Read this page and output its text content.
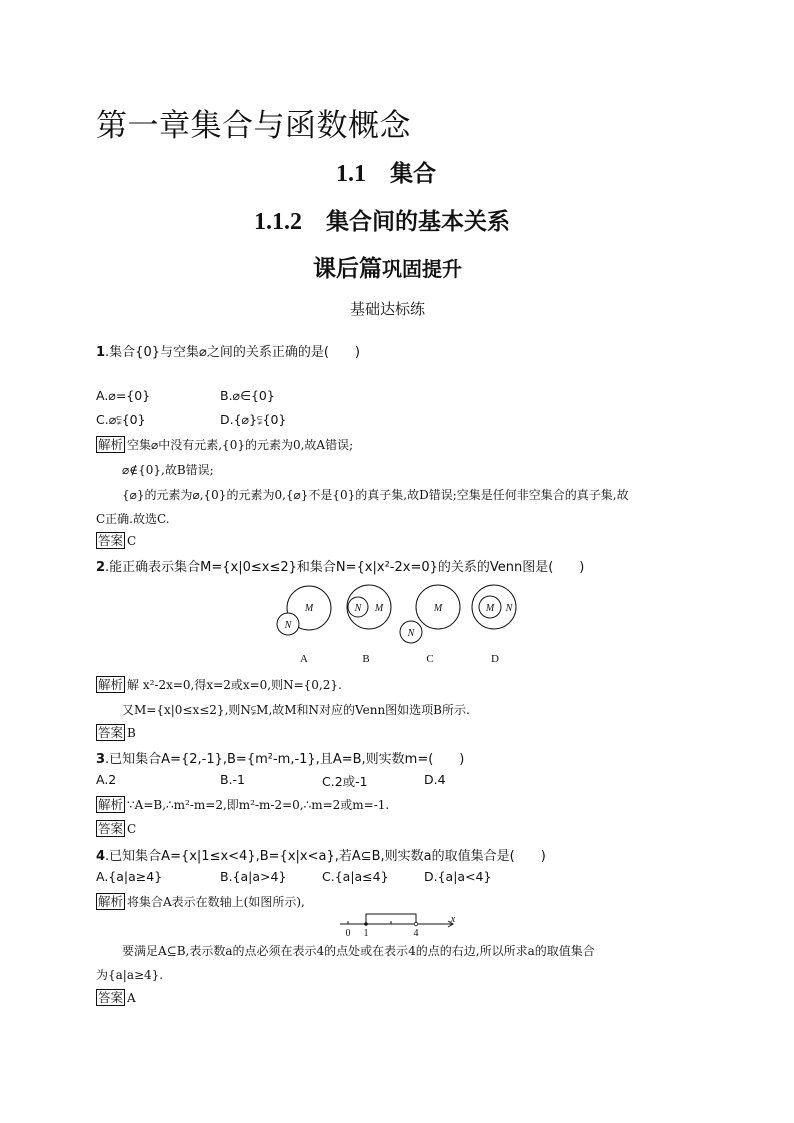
第一章集合与函数概念
1.1 集合
1.1.2 集合间的基本关系
课后篇巩固提升
基础达标练
1.集合{0}与空集⌀之间的关系正确的是(　　)
A.⌀={0}	B.⌀∈{0}
C.⌀⫋{0}	D.{⌀}⫋{0}
解析 空集⌀中没有元素,{0}的元素为0,故A错误;
⌀∉{0},故B错误;
{⌀}的元素为⌀,{0}的元素为0,{⌀}不是{0}的真子集,故D错误;空集是任何非空集合的真子集,故
C正确.故选C.
答案 C
2.能正确表示集合M={x|0≤x≤2}和集合N={x|x²-2x=0}的关系的Venn图是(　　)
M
N
N M	M
N
M N
A	B	C	D
解析 解 x²-2x=0,得x=2或x=0,则N={0,2}.
又M={x|0≤x≤2},则N⫋M,故M和N对应的Venn图如选项B所示.
答案 B
3.已知集合A={2,-1},B={m²-m,-1},且A=B,则实数m=(　　)
A.2	B.-1	C.2或-1	D.4
解析 ∵A=B,∴m²-m=2,即m²-m-2=0,∴m=2或m=-1.
答案 C
4.已知集合A={x|1≤x<4},B={x|x<a},若A⊆B,则实数a的取值集合是(　　)
A.{a|a≥4}	B.{a|a>4}	C.{a|a≤4}	D.{a|a<4}
解析 将集合A表示在数轴上(如图所示),
0 1	4
x
要满足A⊆B,表示数a的点必须在表示4的点处或在表示4的点的右边,所以所求a的取值集合
为{a|a≥4}.
答案 A
